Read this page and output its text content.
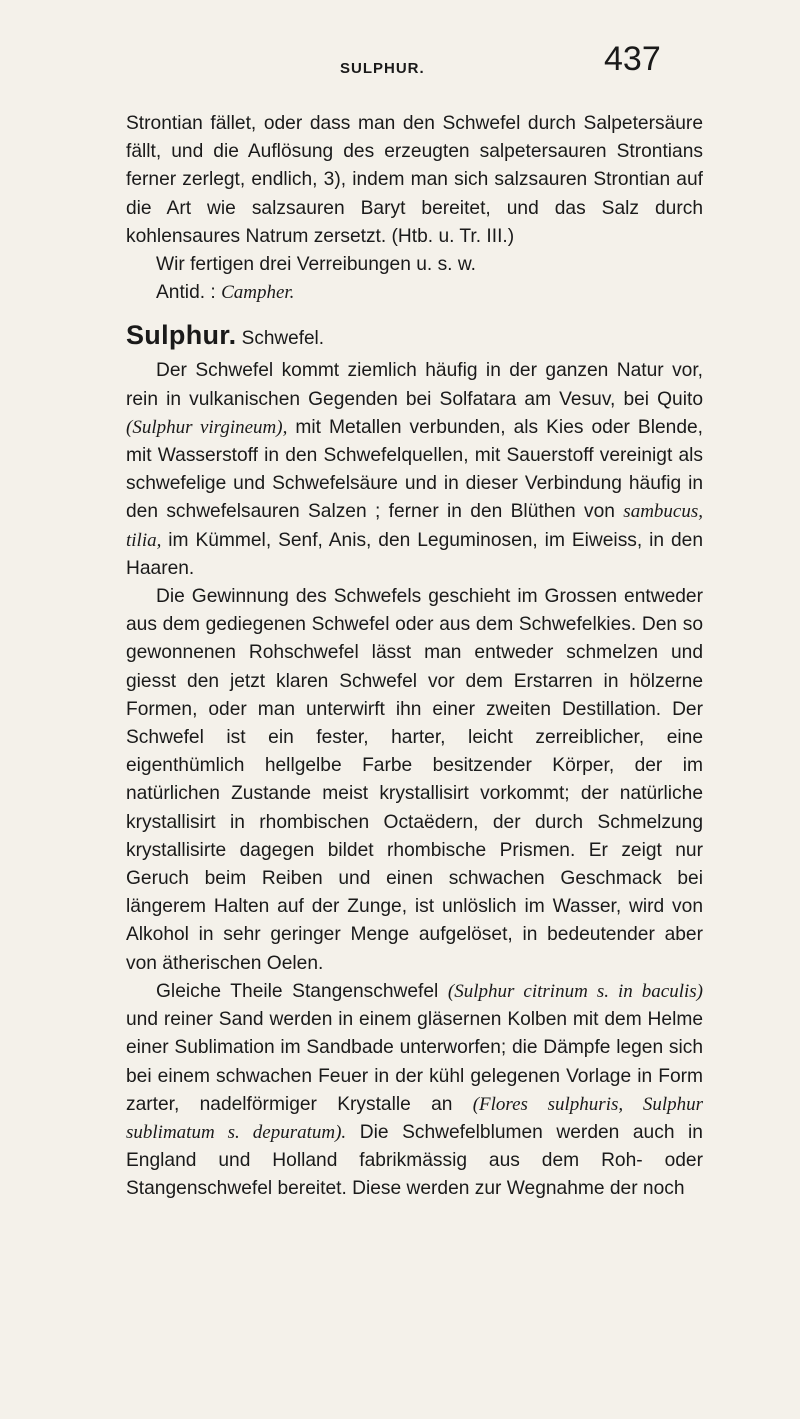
SULPHUR.	437

Strontian fället, oder dass man den Schwefel durch Salpetersäure fällt, und die Auflösung des erzeugten salpetersauren Strontians ferner zerlegt, endlich, 3), indem man sich salzsauren Strontian auf die Art wie salzsauren Baryt bereitet, und das Salz durch kohlensaures Natrum zersetzt. (Htb. u. Tr. III.)

Wir fertigen drei Verreibungen u. s. w.

Antid. : Campher.

Sulphur. Schwefel.

Der Schwefel kommt ziemlich häufig in der ganzen Natur vor, rein in vulkanischen Gegenden bei Solfatara am Vesuv, bei Quito (Sulphur virgineum), mit Metallen verbunden, als Kies oder Blende, mit Wasserstoff in den Schwefelquellen, mit Sauerstoff vereinigt als schwefelige und Schwefelsäure und in dieser Verbindung häufig in den schwefelsauren Salzen ; ferner in den Blüthen von sambucus, tilia, im Kümmel, Senf, Anis, den Leguminosen, im Eiweiss, in den Haaren.

Die Gewinnung des Schwefels geschieht im Grossen entweder aus dem gediegenen Schwefel oder aus dem Schwefelkies. Den so gewonnenen Rohschwefel lässt man entweder schmelzen und giesst den jetzt klaren Schwefel vor dem Erstarren in hölzerne Formen, oder man unterwirft ihn einer zweiten Destillation. Der Schwefel ist ein fester, harter, leicht zerreiblicher, eine eigenthümlich hellgelbe Farbe besitzender Körper, der im natürlichen Zustande meist krystallisirt vorkommt; der natürliche krystallisirt in rhombischen Octaëdern, der durch Schmelzung krystallisirte dagegen bildet rhombische Prismen. Er zeigt nur Geruch beim Reiben und einen schwachen Geschmack bei längerem Halten auf der Zunge, ist unlöslich im Wasser, wird von Alkohol in sehr geringer Menge aufgelöset, in bedeutender aber von ätherischen Oelen.

Gleiche Theile Stangenschwefel (Sulphur citrinum s. in baculis) und reiner Sand werden in einem gläsernen Kolben mit dem Helme einer Sublimation im Sandbade unterworfen; die Dämpfe legen sich bei einem schwachen Feuer in der kühl gelegenen Vorlage in Form zarter, nadelförmiger Krystalle an (Flores sulphuris, Sulphur sublimatum s. depuratum). Die Schwefelblumen werden auch in England und Holland fabrikmässig aus dem Roh- oder Stangenschwefel bereitet. Diese werden zur Wegnahme der noch
